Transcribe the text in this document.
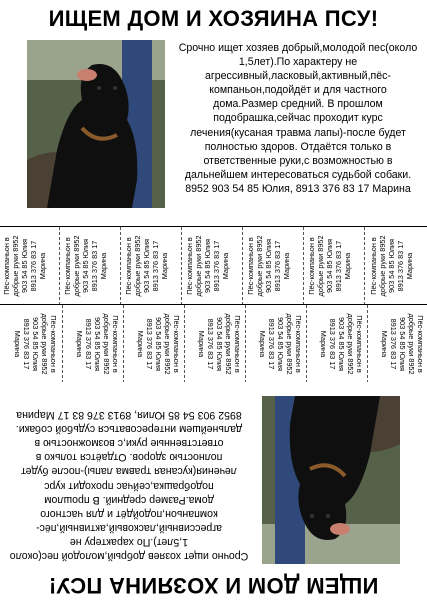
ИЩЕМ ДОМ И ХОЗЯИНА ПСУ!
Срочно ищет хозяев добрый,молодой пес(около 1,5лет).По характеру не агрессивный,ласковый,активный,пёс-компаньон,подойдёт и для частного дома.Размер средний. В прошлом подобрашка,сейчас проходит курс лечения(кусаная травма лапы)-после будет полностью здоров. Отдаётся только в ответственные руки,с возможностью в дальнейшем интересоваться судьбой собаки.
8952 903 54 85 Юлия, 8913 376 83 17 Марина
Пёс-компаньон в добрые руки 8952 903 54 85 Юлия 8913 376 83 17 Марина	Пёс-компаньон в добрые руки 8952 903 54 85 Юлия 8913 376 83 17 Марина	Пёс-компаньон в добрые руки 8952 903 54 85 Юлия 8913 376 83 17 Марина	Пёс-компаньон в добрые руки 8952 903 54 85 Юлия 8913 376 83 17 Марина	Пёс-компаньон в добрые руки 8952 903 54 85 Юлия 8913 376 83 17 Марина	Пёс-компаньон в добрые руки 8952 903 54 85 Юлия 8913 376 83 17 Марина	Пёс-компаньон в добрые руки 8952 903 54 85 Юлия 8913 376 83 17 Марина
Пёс-компаньон в добрые руки 8952 903 54 85 Юлия 8913 376 83 17 Марина
Пёс-компаньон в добрые руки 8952 903 54 85 Юлия 8913 376 83 17 Марина
Пёс-компаньон в добрые руки 8952 903 54 85 Юлия 8913 376 83 17 Марина
Пёс-компаньон в добрые руки 8952 903 54 85 Юлия 8913 376 83 17 Марина
Пёс-компаньон в добрые руки 8952 903 54 85 Юлия 8913 376 83 17 Марина
Пёс-компаньон в добрые руки 8952 903 54 85 Юлия 8913 376 83 17 Марина
Пёс-компаньон в добрые руки 8952 903 54 85 Юлия 8913 376 83 17 Марина
ИЩЕМ ДОМ И ХОЗЯИНА ПСУ!
Срочно ищет хозяев добрый,молодой пес(около 1,5лет).По характеру не агрессивный,ласковый,активный,пёс-компаньон,подойдёт и для частного дома.Размер средний. В прошлом подобрашка,сейчас проходит курс лечения(кусаная травма лапы)-после будет полностью здоров. Отдаётся только в ответственные руки,с возможностью в дальнейшем интересоваться судьбой собаки.
8952 903 54 85 Юлия, 8913 376 83 17 Марина
